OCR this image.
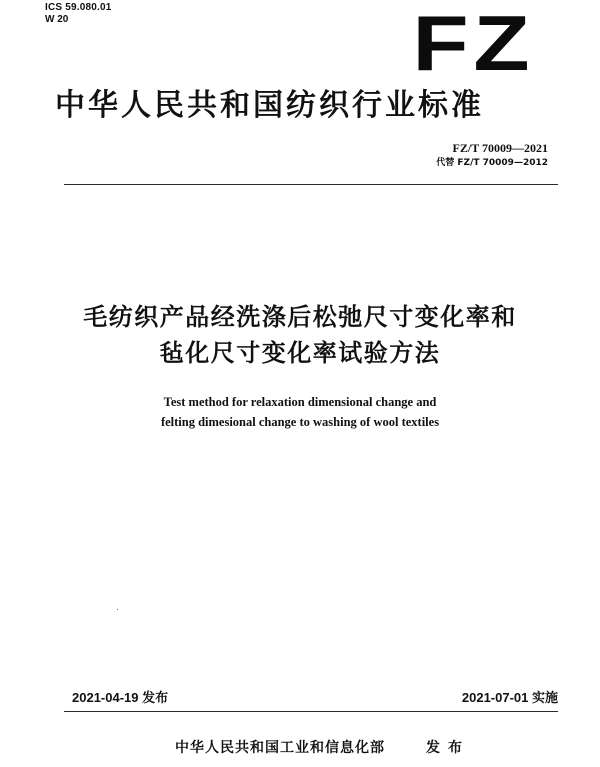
ICS 59.080.01
W 20	FZ
中华人民共和国纺织行业标准
FZ/T 70009—2021
代替 FZ/T 70009—2012
毛纺织产品经洗涤后松弛尺寸变化率和
毡化尺寸变化率试验方法
Test method for relaxation dimensional change and
felting dimesional change to washing of wool textiles
2021-04-19 发布	2021-07-01 实施
中华人民共和国工业和信息化部	发布
